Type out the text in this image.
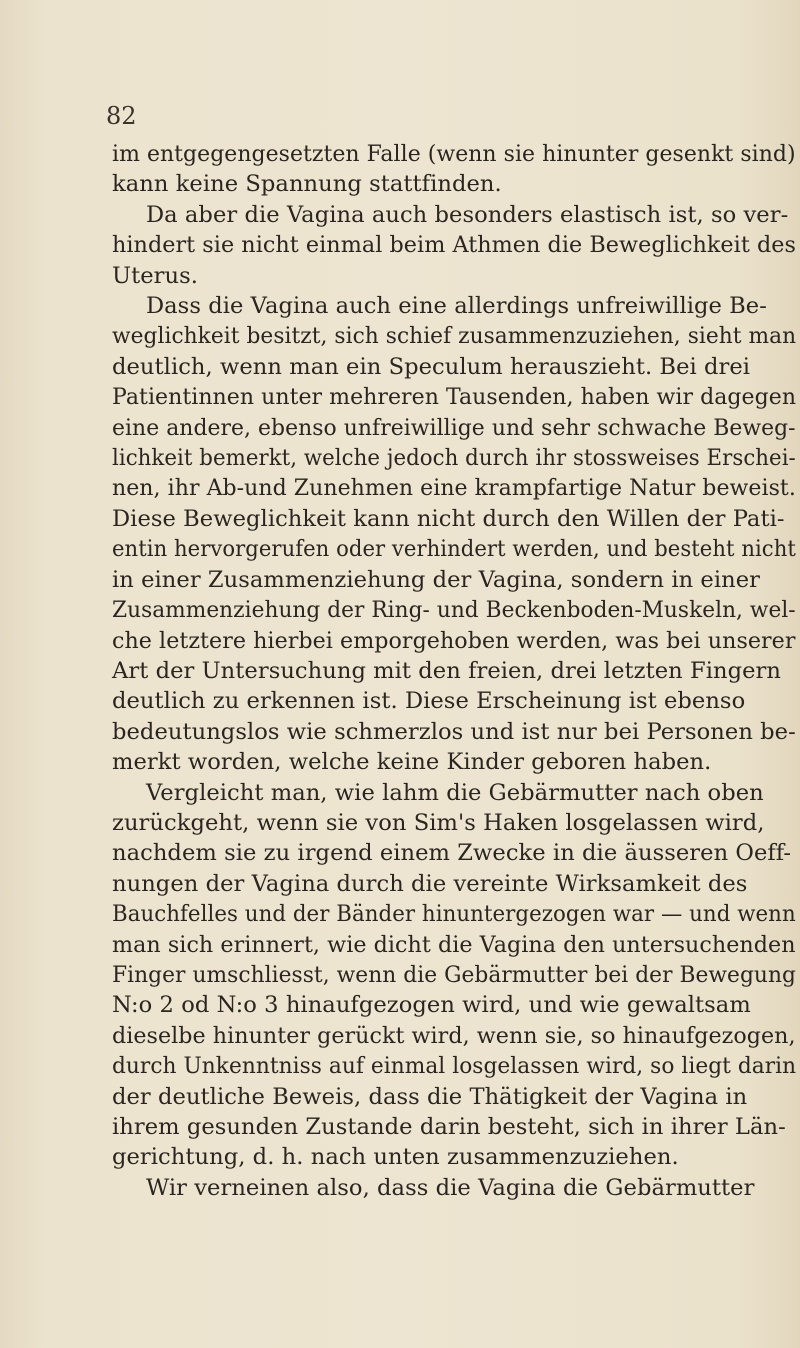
82

im entgegengesetzten Falle (wenn sie hinunter gesenkt sind)
kann keine Spannung stattfinden.
Da aber die Vagina auch besonders elastisch ist, so ver-
hindert sie nicht einmal beim Athmen die Beweglichkeit des
Uterus.
Dass die Vagina auch eine allerdings unfreiwillige Be-
weglichkeit besitzt, sich schief zusammenzuziehen, sieht man
deutlich, wenn man ein Speculum herauszieht. Bei drei
Patientinnen unter mehreren Tausenden, haben wir dagegen
eine andere, ebenso unfreiwillige und sehr schwache Beweg-
lichkeit bemerkt, welche jedoch durch ihr stossweises Erschei-
nen, ihr Ab-und Zunehmen eine krampfartige Natur beweist.
Diese Beweglichkeit kann nicht durch den Willen der Pati-
entin hervorgerufen oder verhindert werden, und besteht nicht
in einer Zusammenziehung der Vagina, sondern in einer
Zusammenziehung der Ring- und Beckenboden-Muskeln, wel-
che letztere hierbei emporgehoben werden, was bei unserer
Art der Untersuchung mit den freien, drei letzten Fingern
deutlich zu erkennen ist. Diese Erscheinung ist ebenso
bedeutungslos wie schmerzlos und ist nur bei Personen be-
merkt worden, welche keine Kinder geboren haben.
Vergleicht man, wie lahm die Gebärmutter nach oben
zurückgeht, wenn sie von Sim's Haken losgelassen wird,
nachdem sie zu irgend einem Zwecke in die äusseren Oeff-
nungen der Vagina durch die vereinte Wirksamkeit des
Bauchfelles und der Bänder hinuntergezogen war — und wenn
man sich erinnert, wie dicht die Vagina den untersuchenden
Finger umschliesst, wenn die Gebärmutter bei der Bewegung
N:o 2 od N:o 3 hinaufgezogen wird, und wie gewaltsam
dieselbe hinunter gerückt wird, wenn sie, so hinaufgezogen,
durch Unkenntniss auf einmal losgelassen wird, so liegt darin
der deutliche Beweis, dass die Thätigkeit der Vagina in
ihrem gesunden Zustande darin besteht, sich in ihrer Län-
gerichtung, d. h. nach unten zusammenzuziehen.
Wir verneinen also, dass die Vagina die Gebärmutter
